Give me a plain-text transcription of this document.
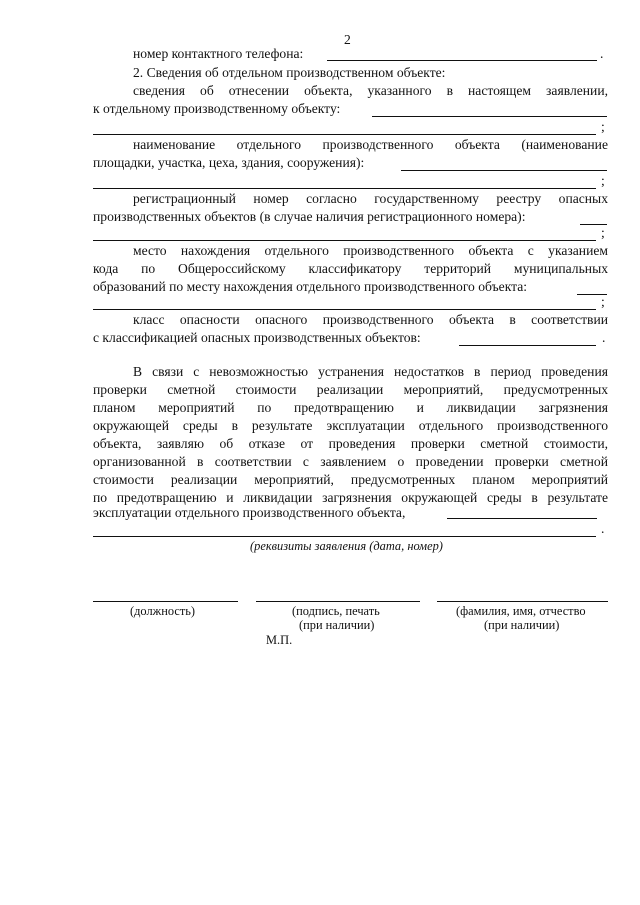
2
номер контактного телефона:	.
2. Сведения об отдельном производственном объекте:
сведения об отнесении объекта, указанного в настоящем заявлении,
к отдельному производственному объекту:
;
наименование отдельного производственного объекта (наименование
площадки, участка, цеха, здания, сооружения):
;
регистрационный номер согласно государственному реестру опасных
производственных объектов (в случае наличия регистрационного номера):
;
место нахождения отдельного производственного объекта с указанием
кода по Общероссийскому классификатору территорий муниципальных
образований по месту нахождения отдельного производственного объекта:
;
класс опасности опасного производственного объекта в соответствии
с классификацией опасных производственных объектов:	.
В связи с невозможностью устранения недостатков в период проведения
проверки сметной стоимости реализации мероприятий, предусмотренных
планом мероприятий по предотвращению и ликвидации загрязнения
окружающей среды в результате эксплуатации отдельного производственного
объекта, заявляю об отказе от проведения проверки сметной стоимости,
организованной в соответствии с заявлением о проведении проверки сметной
стоимости реализации мероприятий, предусмотренных планом мероприятий
по предотвращению и ликвидации загрязнения окружающей среды в результате
эксплуатации отдельного производственного объекта,
.
(реквизиты заявления (дата, номер)
(должность)	(подпись, печать
(при наличии)
(фамилия, имя, отчество
(при наличии)
М.П.
